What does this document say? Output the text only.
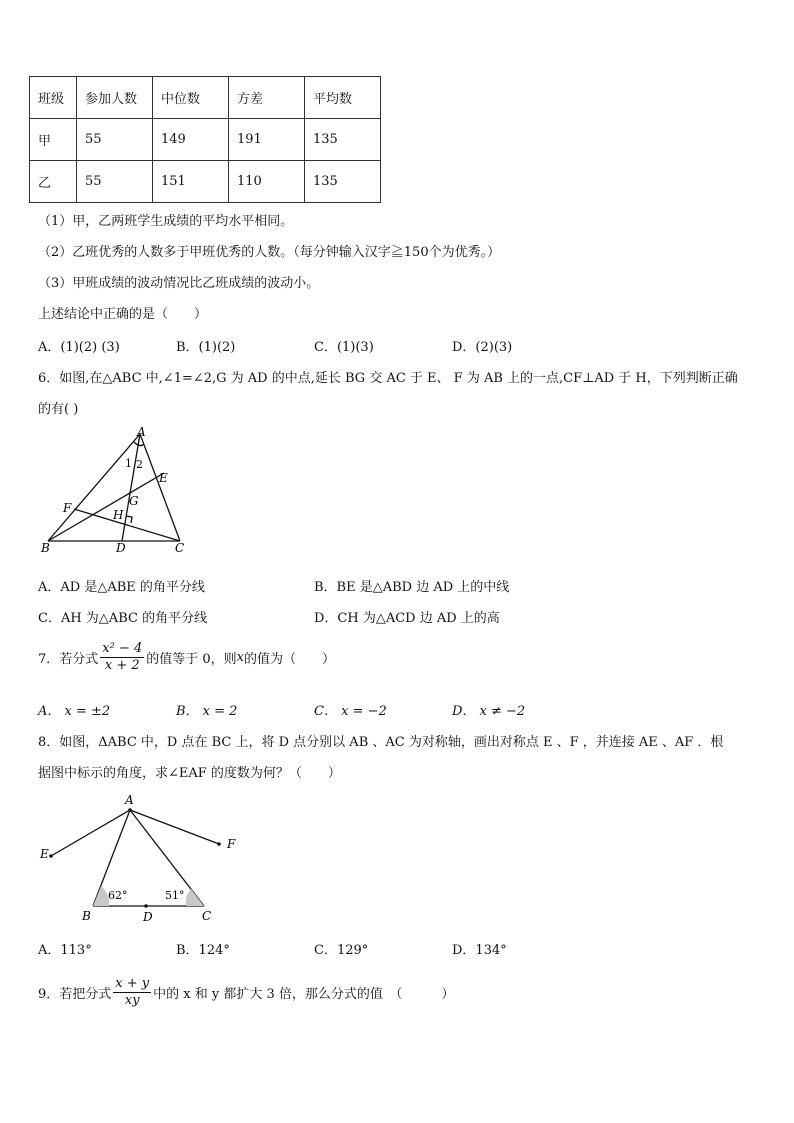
班级	参加人数	中位数	方差	平均数
甲	55	149	191	135
乙	55	151	110	135
（1）甲，乙两班学生成绩的平均水平相同。
（2）乙班优秀的人数多于甲班优秀的人数。（每分钟输入汉字≧150个为优秀。）
（3）甲班成绩的波动情况比乙班成绩的波动小。
上述结论中正确的是（　　）
A．(1)(2) (3)	B．(1)(2)	C．(1)(3)	D．(2)(3)
6．如图,在△ABC 中,∠1=∠2,G 为 AD 的中点,延长 BG 交 AC 于 E、 F 为 AB 上的一点,CF⊥AD 于 H，下列判断正确
的有( )
A
B	C
D
E
F	G
H
1 2
A．AD 是△ABE 的角平分线	B．BE 是△ABD 边 AD 上的中线
C．AH 为△ABC 的角平分线	D．CH 为△ACD 边 AD 上的高
7．若分式 $\frac{\text{x² − 4}}{x + 2}$ 的值等于 0，则 x 的值为（　　）
A． x = ±2	B． x = 2	C． x = −2	D． x ≠ −2
8．如图，ΔABC 中，D 点在 BC 上，将 D 点分别以 AB 、AC 为对称轴，画出对称点 E 、F ，并连接 AE 、AF ．根
据图中标示的角度，求∠EAF 的度数为何？（　　）
A
B	C
D
E
F
62°	51°
A．113°	B．124°	C．129°	D．134°
9．若把分式 $\frac{x + y}{xy}$ 中的 x 和 y 都扩大 3 倍，那么分式的值　（　　　）
